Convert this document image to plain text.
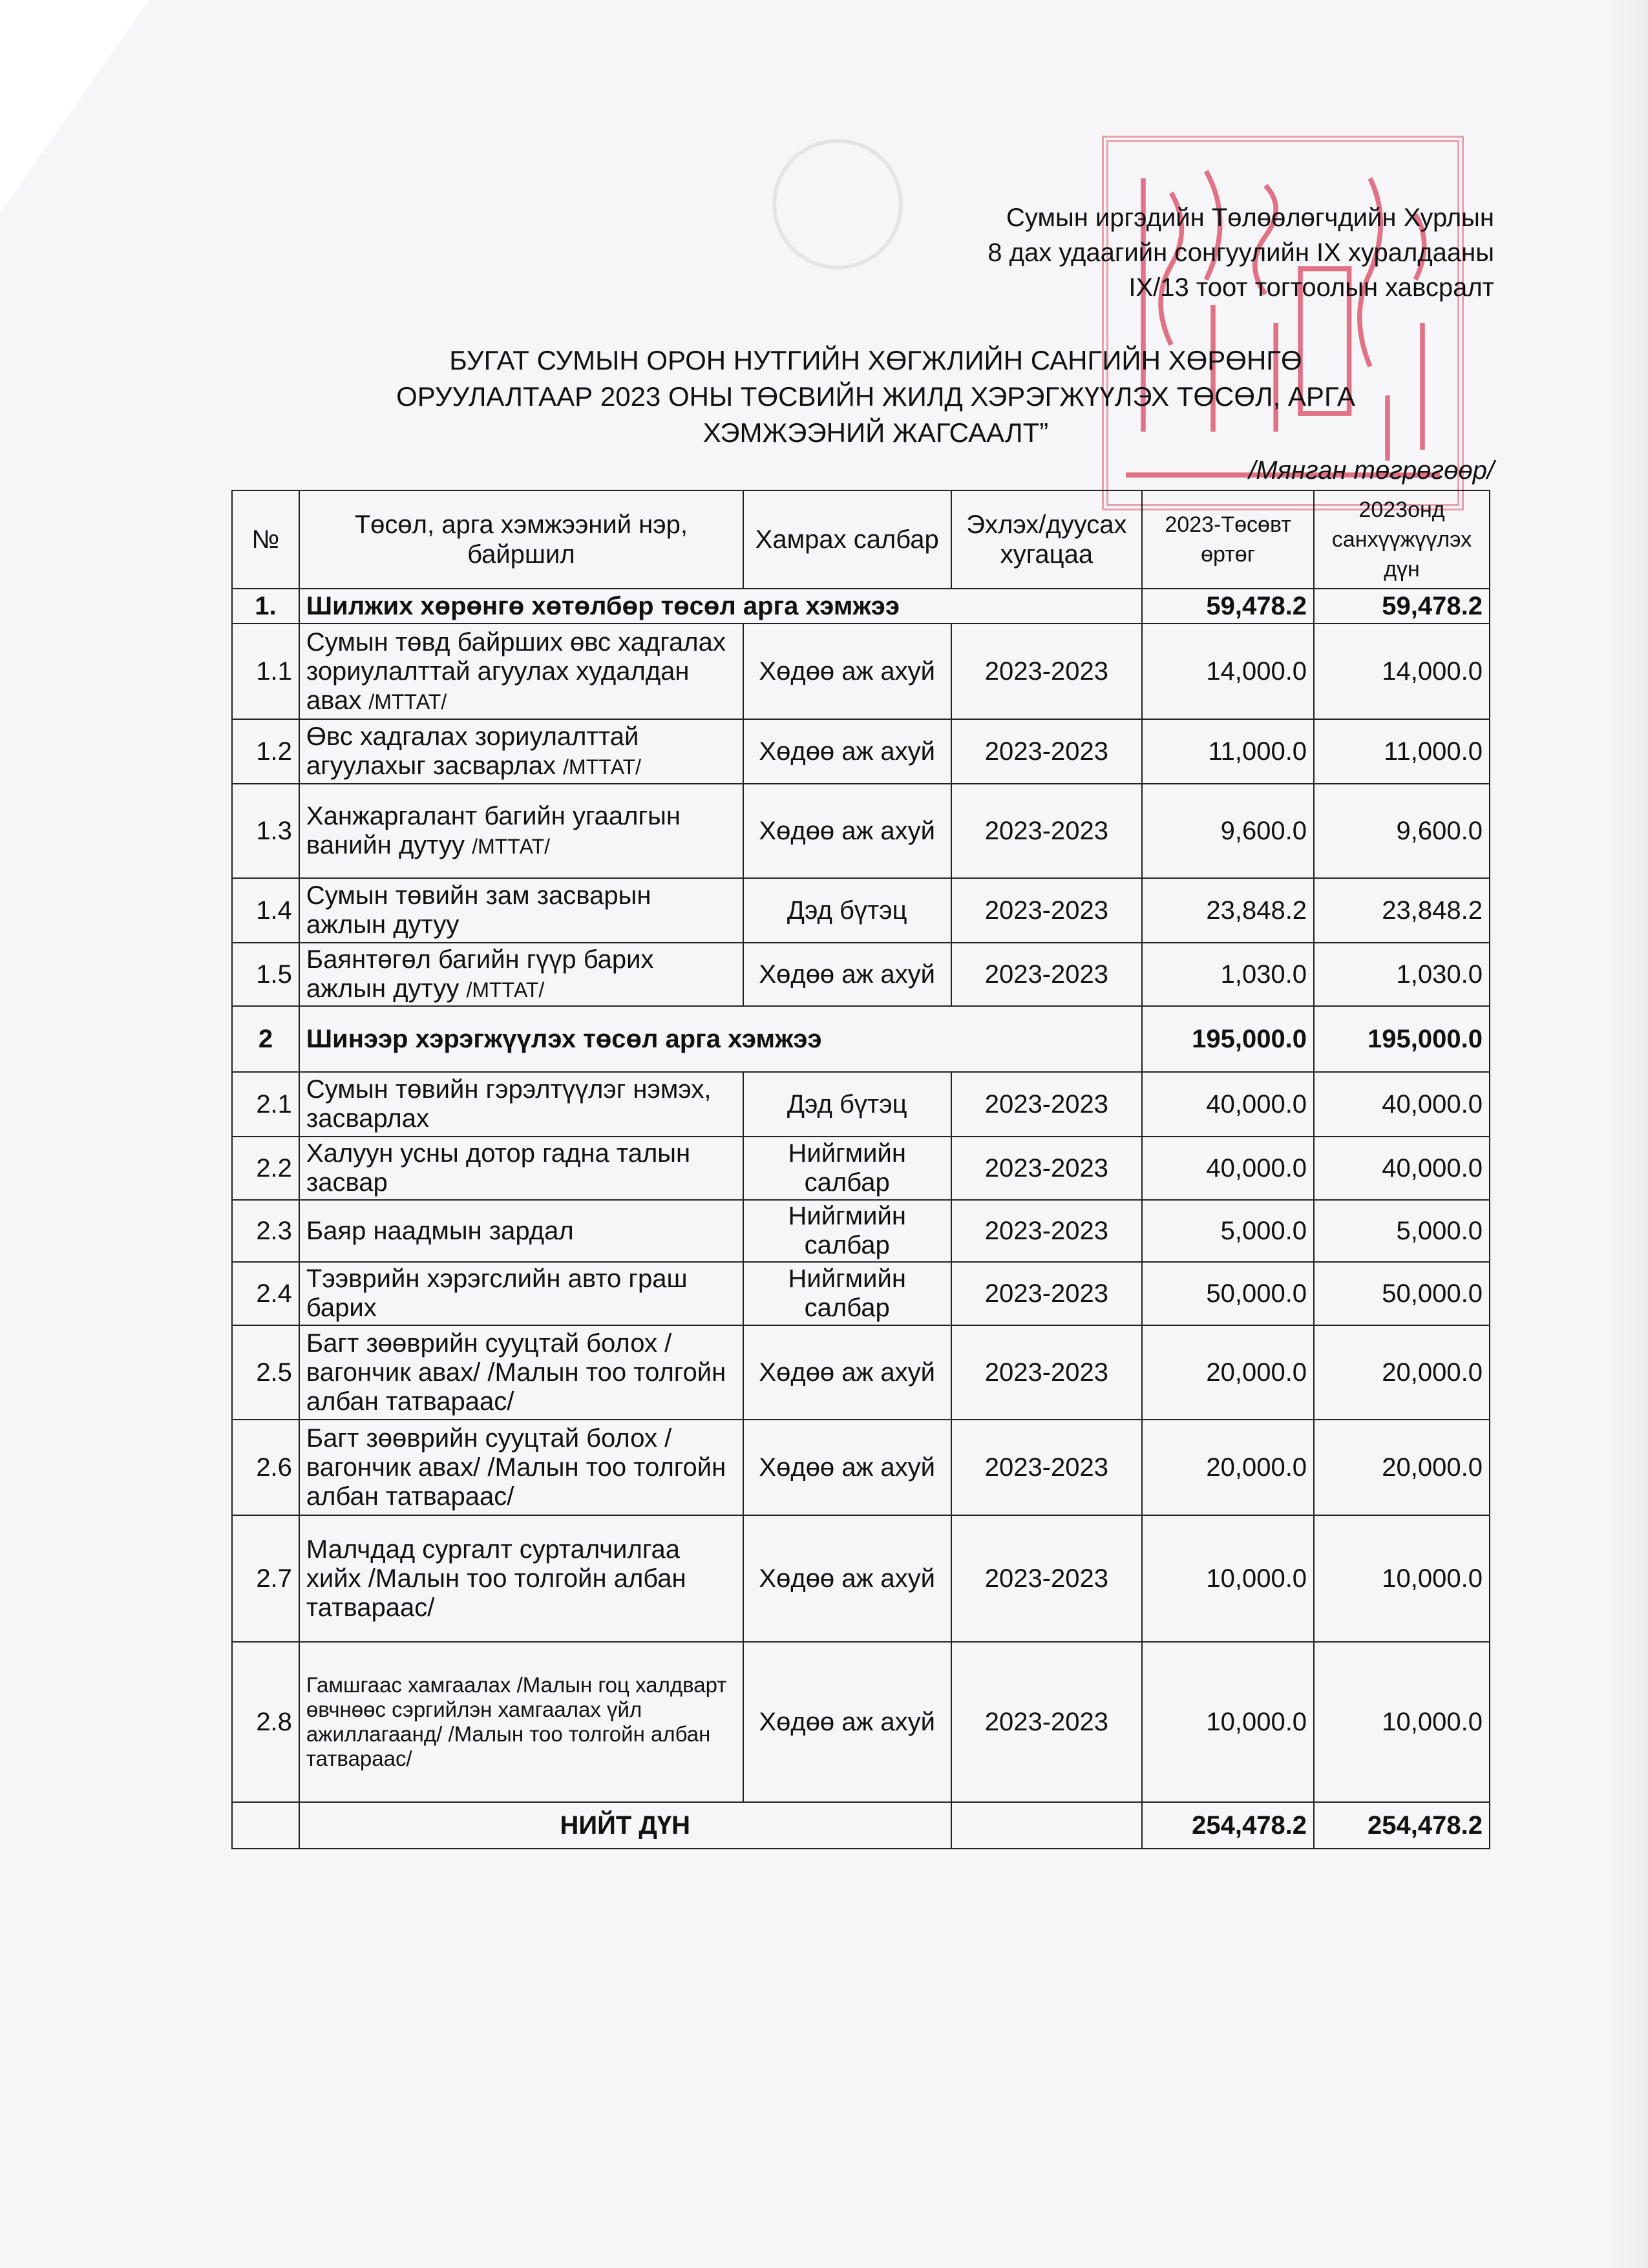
Сумын иргэдийн Төлөөлөгчдийн Хурлын
8 дах удаагийн сонгуулийн IX хуралдааны
IX/13 тоот тогтоолын хавсралт
БУГАТ СУМЫН ОРОН НУТГИЙН ХӨГЖЛИЙН САНГИЙН ХӨРӨНГӨ
ОРУУЛАЛТААР 2023 ОНЫ ТӨСВИЙН ЖИЛД ХЭРЭГЖҮҮЛЭХ ТӨСӨЛ, АРГА
ХЭМЖЭЭНИЙ ЖАГСААЛТ”
/Мянган төгрөгөөр/
№	Төсөл, арга хэмжээний нэр, байршил	Хамрах салбар	Эхлэх/дуусах хугацаа	2023-Төсөвт өртөг	2023онд санхүүжүүлэх дүн
1.	Шилжих хөрөнгө хөтөлбөр төсөл арга хэмжээ			59,478.2	59,478.2
1.1	Сумын төвд байрших өвс хадгалах зориулалттай агуулах худалдан авах /МТТАТ/	Хөдөө аж ахуй	2023-2023	14,000.0	14,000.0
1.2	Өвс хадгалах зориулалттай агуулахыг засварлах /МТТАТ/	Хөдөө аж ахуй	2023-2023	11,000.0	11,000.0
1.3	Ханжаргалант багийн угаалгын ванийн дутуу /МТТАТ/	Хөдөө аж ахуй	2023-2023	9,600.0	9,600.0
1.4	Сумын төвийн зам засварын ажлын дутуу	Дэд бүтэц	2023-2023	23,848.2	23,848.2
1.5	Баянтөгөл багийн гүүр барих ажлын дутуу /МТТАТ/	Хөдөө аж ахуй	2023-2023	1,030.0	1,030.0
2	Шинээр хэрэгжүүлэх төсөл арга хэмжээ			195,000.0	195,000.0
2.1	Сумын төвийн гэрэлтүүлэг нэмэх, засварлах	Дэд бүтэц	2023-2023	40,000.0	40,000.0
2.2	Халуун усны дотор гадна талын засвар	Нийгмийн салбар	2023-2023	40,000.0	40,000.0
2.3	Баяр наадмын зардал	Нийгмийн салбар	2023-2023	5,000.0	5,000.0
2.4	Тээврийн хэрэгслийн авто граш барих	Нийгмийн салбар	2023-2023	50,000.0	50,000.0
2.5	Багт зөөврийн сууцтай болох /вагончик авах/ /Малын тоо толгойн албан татвараас/	Хөдөө аж ахуй	2023-2023	20,000.0	20,000.0
2.6	Багт зөөврийн сууцтай болох /вагончик авах/ /Малын тоо толгойн албан татвараас/	Хөдөө аж ахуй	2023-2023	20,000.0	20,000.0
2.7	Малчдад сургалт сурталчилгаа хийх /Малын тоо толгойн албан татвараас/	Хөдөө аж ахуй	2023-2023	10,000.0	10,000.0
2.8	Гамшгаас хамгаалах /Малын гоц халдварт өвчнөөс сэргийлэн хамгаалах үйл ажиллагаанд/ /Малын тоо толгойн албан татвараас/	Хөдөө аж ахуй	2023-2023	10,000.0	10,000.0
	НИЙТ ДҮН			254,478.2	254,478.2
